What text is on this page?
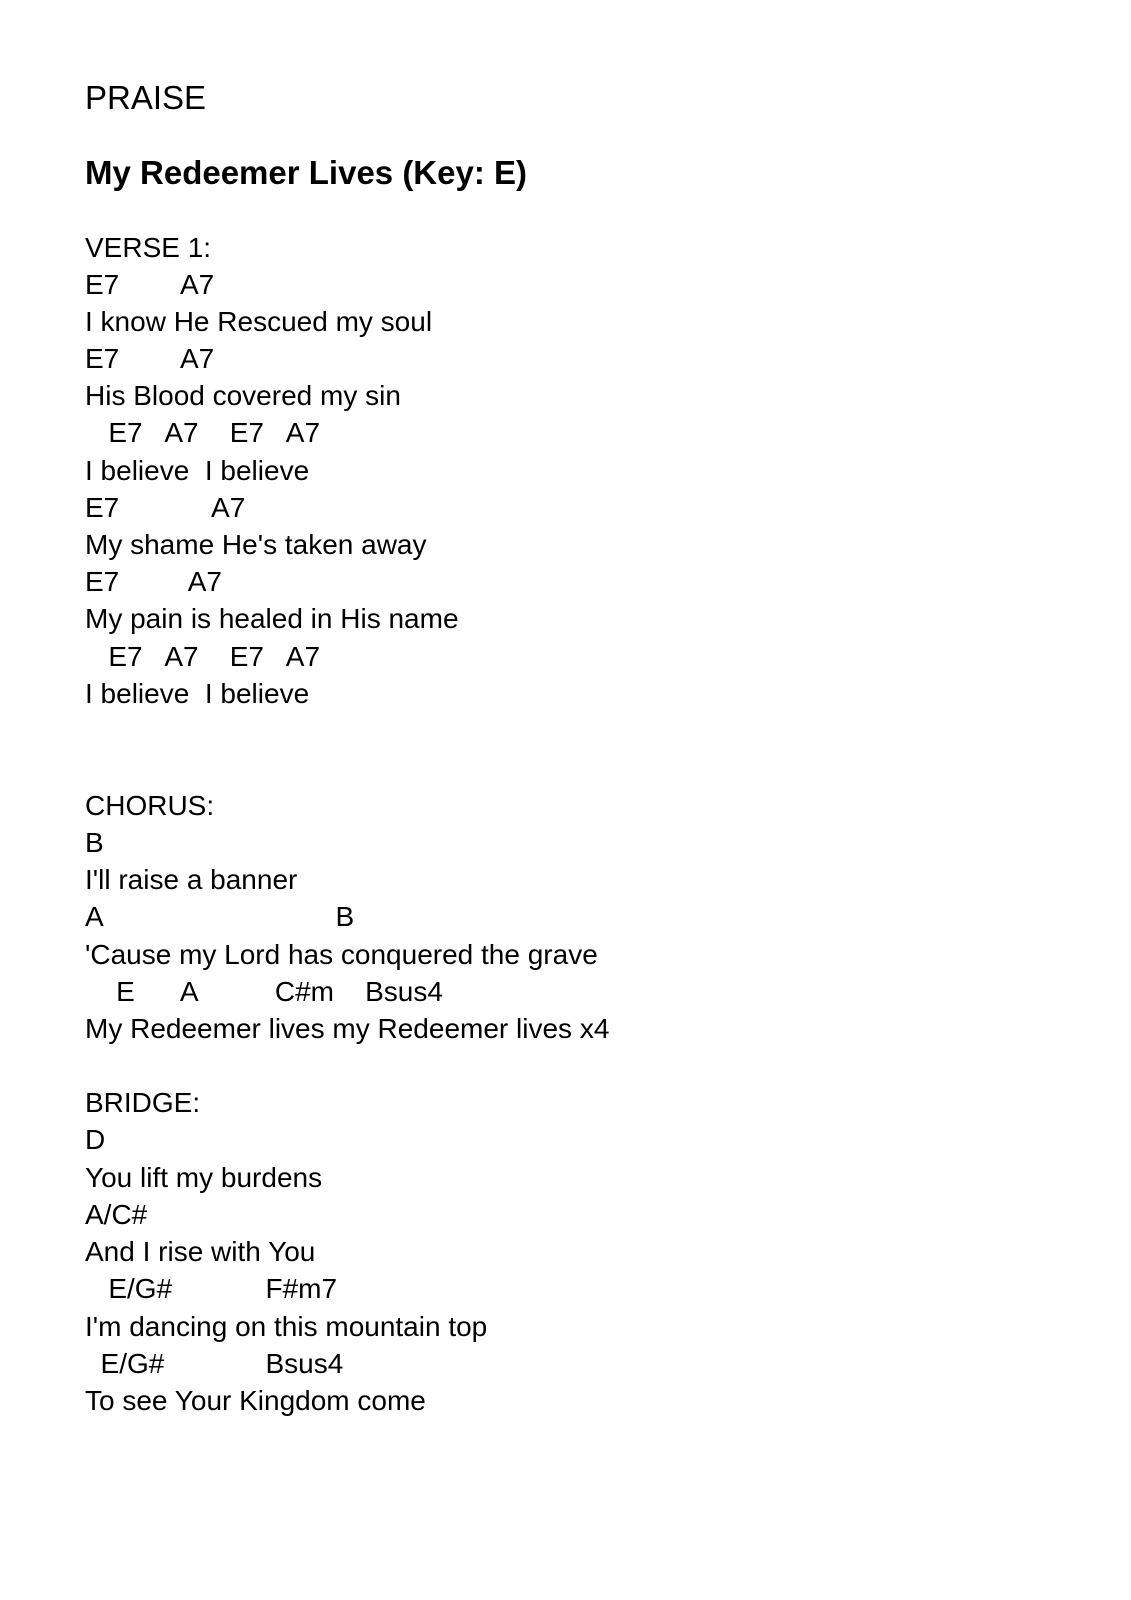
PRAISE
My Redeemer Lives (Key: E)
VERSE 1:
E7        A7
I know He Rescued my soul
E7        A7
His Blood covered my sin
E7   A7    E7   A7
I believe  I believe
E7            A7
My shame He's taken away
E7         A7
My pain is healed in His name
E7   A7    E7   A7
I believe  I believe
CHORUS:
B
I'll raise a banner
A                              B
'Cause my Lord has conquered the grave
E      A          C#m    Bsus4
My Redeemer lives my Redeemer lives x4
BRIDGE:
D
You lift my burdens
A/C#
And I rise with You
E/G#            F#m7
I'm dancing on this mountain top
E/G#             Bsus4
To see Your Kingdom come
